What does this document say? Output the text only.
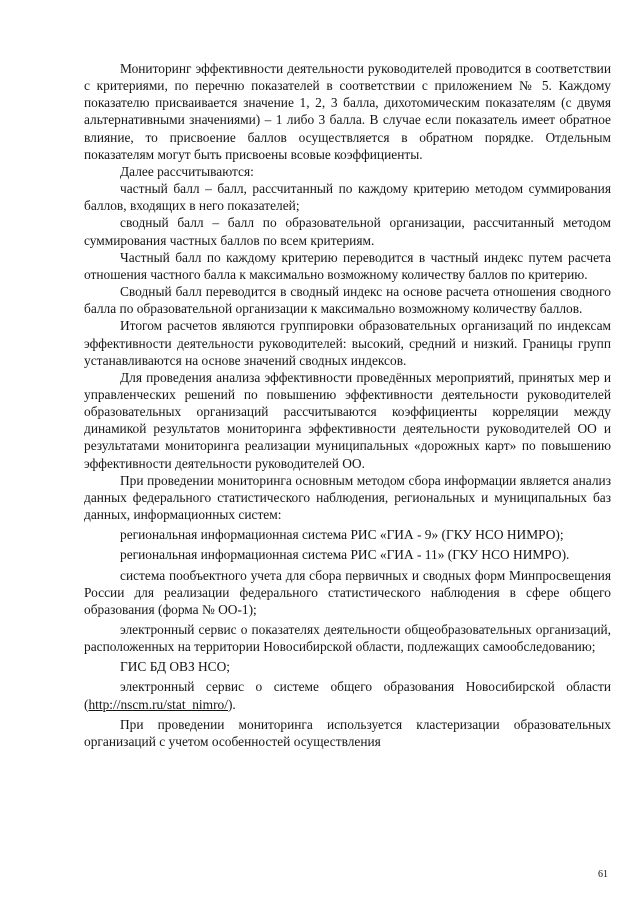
Мониторинг эффективности деятельности руководителей проводится в соответствии с критериями, по перечню показателей в соответствии с приложением № 5. Каждому показателю присваивается значение 1, 2, 3 балла, дихотомическим показателям (с двумя альтернативными значениями) – 1 либо 3 балла. В случае если показатель имеет обратное влияние, то присвоение баллов осуществляется в обратном порядке. Отдельным показателям могут быть присвоены всовые коэффициенты.

Далее рассчитываются:

частный балл – балл, рассчитанный по каждому критерию методом суммирования баллов, входящих в него показателей;

сводный балл – балл по образовательной организации, рассчитанный методом суммирования частных баллов по всем критериям.

Частный балл по каждому критерию переводится в частный индекс путем расчета отношения частного балла к максимально возможному количеству баллов по критерию.

Сводный балл переводится в сводный индекс на основе расчета отношения сводного балла по образовательной организации к максимально возможному количеству баллов.

Итогом расчетов являются группировки образовательных организаций по индексам эффективности деятельности руководителей: высокий, средний и низкий. Границы групп устанавливаются на основе значений сводных индексов.

Для проведения анализа эффективности проведённых мероприятий, принятых мер и управленческих решений по повышению эффективности деятельности руководителей образовательных организаций рассчитываются коэффициенты корреляции между динамикой результатов мониторинга эффективности деятельности руководителей ОО и результатами мониторинга реализации муниципальных «дорожных карт» по повышению эффективности деятельности руководителей ОО.

При проведении мониторинга основным методом сбора информации является анализ данных федерального статистического наблюдения, региональных и муниципальных баз данных, информационных систем:

региональная информационная система РИС «ГИА - 9» (ГКУ НСО НИМРО);

региональная информационная система РИС «ГИА - 11» (ГКУ НСО НИМРО).

система пообъектного учета для сбора первичных и сводных форм Минпросвещения России для реализации федерального статистического наблюдения в сфере общего образования (форма № ОО-1);

электронный сервис о показателях деятельности общеобразовательных организаций, расположенных на территории Новосибирской области, подлежащих самообследованию;

ГИС БД ОВЗ НСО;

электронный сервис о системе общего образования Новосибирской области (http://nscm.ru/stat_nimro/).

При проведении мониторинга используется кластеризации образовательных организаций с учетом особенностей осуществления

61
